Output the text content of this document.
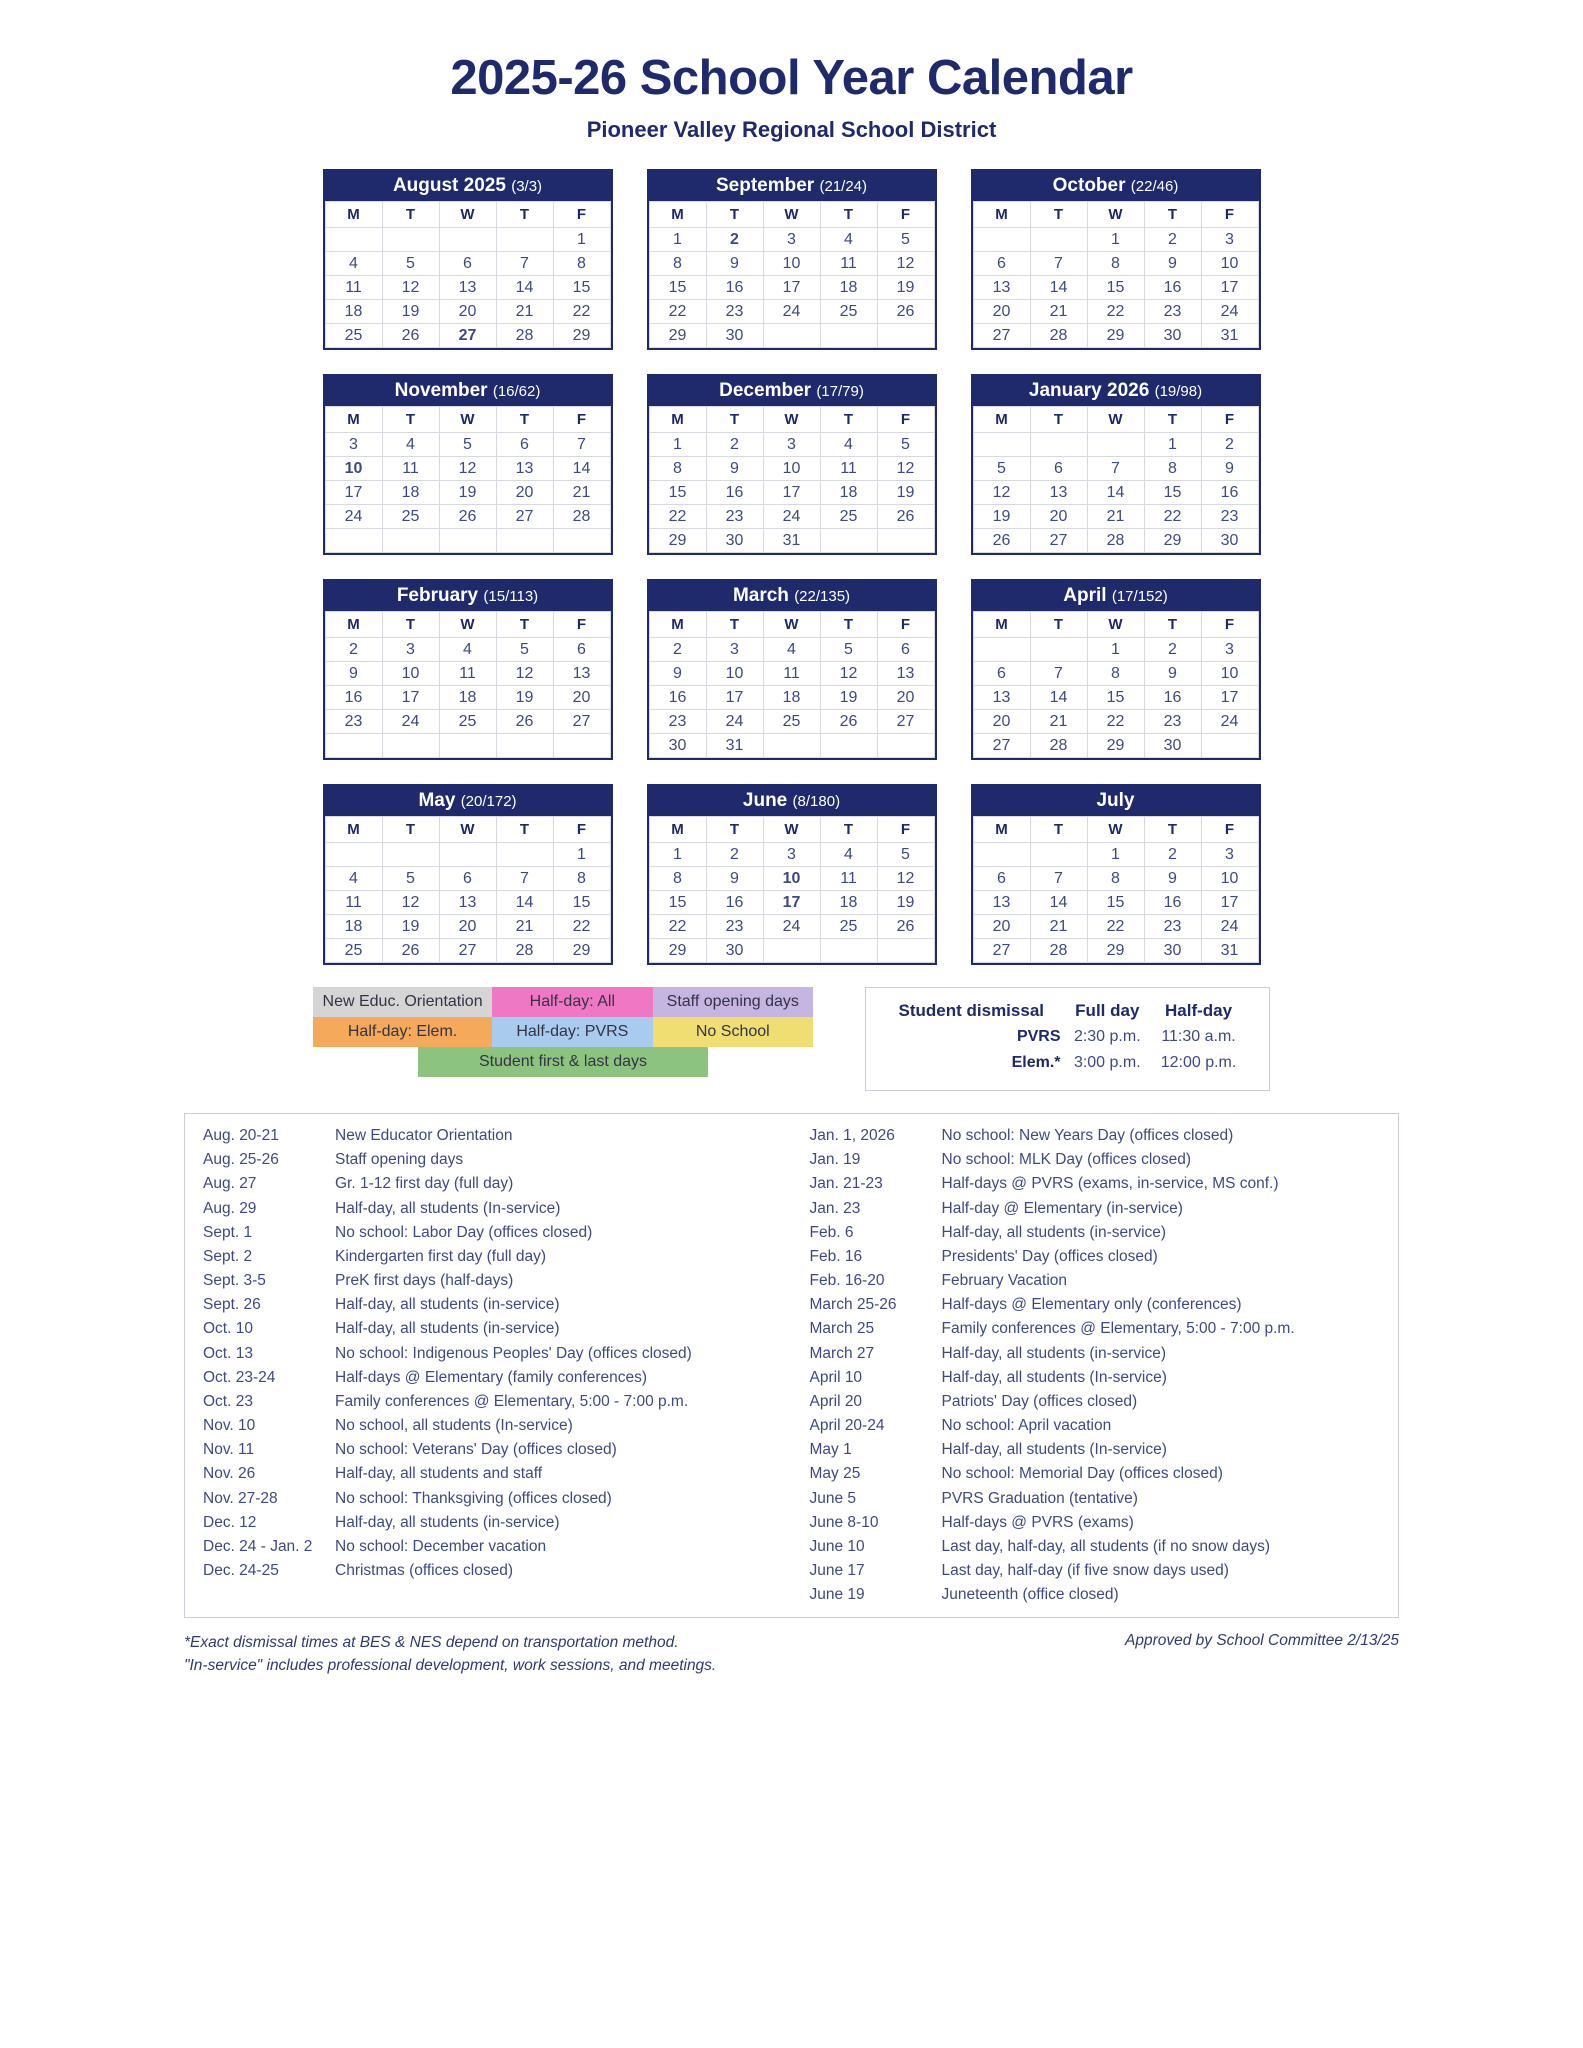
2025-26 School Year Calendar
Pioneer Valley Regional School District
August 2025 (3/3)
M	T	W	T	F
				1
4	5	6	7	8
11	12	13	14	15
18	19	20	21	22
25	26	27	28	29
September (21/24)
M	T	W	T	F
1	2	3	4	5
8	9	10	11	12
15	16	17	18	19
22	23	24	25	26
29	30			
October (22/46)
M	T	W	T	F
		1	2	3
6	7	8	9	10
13	14	15	16	17
20	21	22	23	24
27	28	29	30	31
November (16/62)
M	T	W	T	F
3	4	5	6	7
10	11	12	13	14
17	18	19	20	21
24	25	26	27	28

December (17/79)
M	T	W	T	F
1	2	3	4	5
8	9	10	11	12
15	16	17	18	19
22	23	24	25	26
29	30	31		
January 2026 (19/98)
M	T	W	T	F
			1	2
5	6	7	8	9
12	13	14	15	16
19	20	21	22	23
26	27	28	29	30
February (15/113)
M	T	W	T	F
2	3	4	5	6
9	10	11	12	13
16	17	18	19	20
23	24	25	26	27

March (22/135)
M	T	W	T	F
2	3	4	5	6
9	10	11	12	13
16	17	18	19	20
23	24	25	26	27
30	31			
April (17/152)
M	T	W	T	F
		1	2	3
6	7	8	9	10
13	14	15	16	17
20	21	22	23	24
27	28	29	30	
May (20/172)
M	T	W	T	F
				1
4	5	6	7	8
11	12	13	14	15
18	19	20	21	22
25	26	27	28	29
June (8/180)
M	T	W	T	F
1	2	3	4	5
8	9	10	11	12
15	16	17	18	19
22	23	24	25	26
29	30			
July
M	T	W	T	F
		1	2	3
6	7	8	9	10
13	14	15	16	17
20	21	22	23	24
27	28	29	30	31
New Educ. Orientation	Half-day: All	Staff opening days
Half-day: Elem.	Half-day: PVRS	No School
Student first & last days
Student dismissal	Full day	Half-day
PVRS	2:30 p.m.	11:30 a.m.
Elem.*	3:00 p.m.	12:00 p.m.
Aug. 20-21	New Educator Orientation
Aug. 25-26	Staff opening days
Aug. 27	Gr. 1-12 first day (full day)
Aug. 29	Half-day, all students (In-service)
Sept. 1	No school: Labor Day (offices closed)
Sept. 2	Kindergarten first day (full day)
Sept. 3-5	PreK first days (half-days)
Sept. 26	Half-day, all students (in-service)
Oct. 10	Half-day, all students (in-service)
Oct. 13	No school: Indigenous Peoples' Day (offices closed)
Oct. 23-24	Half-days @ Elementary (family conferences)
Oct. 23	Family conferences @ Elementary, 5:00 - 7:00 p.m.
Nov. 10	No school, all students (In-service)
Nov. 11	No school: Veterans' Day (offices closed)
Nov. 26	Half-day, all students and staff
Nov. 27-28	No school: Thanksgiving (offices closed)
Dec. 12	Half-day, all students (in-service)
Dec. 24 - Jan. 2	No school: December vacation
Dec. 24-25	Christmas (offices closed)
Jan. 1, 2026	No school: New Years Day (offices closed)
Jan. 19	No school: MLK Day (offices closed)
Jan. 21-23	Half-days @ PVRS (exams, in-service, MS conf.)
Jan. 23	Half-day @ Elementary (in-service)
Feb. 6	Half-day, all students (in-service)
Feb. 16	Presidents' Day (offices closed)
Feb. 16-20	February Vacation
March 25-26	Half-days @ Elementary only (conferences)
March 25	Family conferences @ Elementary, 5:00 - 7:00 p.m.
March 27	Half-day, all students (in-service)
April 10	Half-day, all students (In-service)
April 20	Patriots' Day (offices closed)
April 20-24	No school: April vacation
May 1	Half-day, all students (In-service)
May 25	No school: Memorial Day (offices closed)
June 5	PVRS Graduation (tentative)
June 8-10	Half-days @ PVRS (exams)
June 10	Last day, half-day, all students (if no snow days)
June 17	Last day, half-day (if five snow days used)
June 19	Juneteenth (office closed)
*Exact dismissal times at BES & NES depend on transportation method.
"In-service" includes professional development, work sessions, and meetings.
Approved by School Committee 2/13/25
